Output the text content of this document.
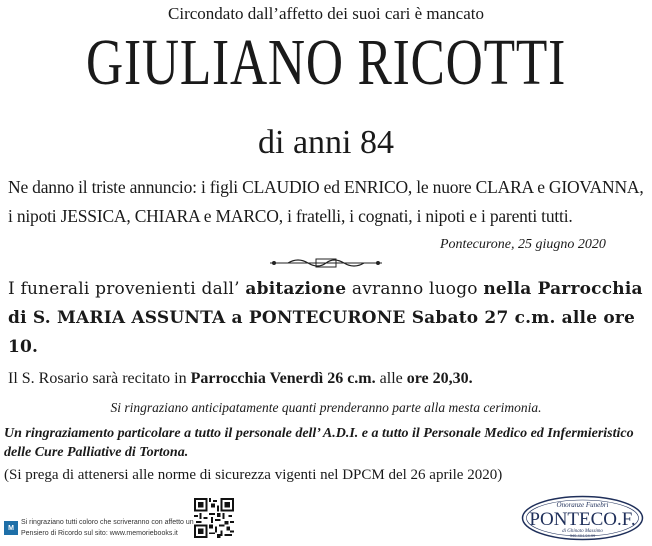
Circondato dall’affetto dei suoi cari è mancato
GIULIANO RICOTTI
di anni 84
Ne danno il triste annuncio: i figli CLAUDIO ed ENRICO, le nuore CLARA e GIOVANNA, i nipoti JESSICA, CHIARA e MARCO, i fratelli, i cognati, i nipoti e i parenti tutti.
Pontecurone, 25 giugno 2020
I funerali provenienti dall’ abitazione avranno luogo nella Parrocchia di S. MARIA ASSUNTA a PONTECURONE Sabato 27 c.m. alle ore 10.
Il S. Rosario sarà recitato in Parrocchia Venerdì 26 c.m. alle ore 20,30.
Si ringraziano anticipatamente quanti prenderanno parte alla mesta cerimonia.
Un ringraziamento particolare a tutto il personale dell’ A.D.I. e a tutto il Personale Medico ed Infermieristico delle Cure Palliative di Tortona.
(Si prega di attenersi alle norme di sicurezza vigenti nel DPCM del 26 aprile 2020)
M
Si ringraziano tutti coloro che scriveranno con affetto un Pensiero di Ricordo sul sito: www.memoriebooks.it
Onoranze Funebri
PONTECO.F.
di Ghinato Massimo
340.494.94.99
